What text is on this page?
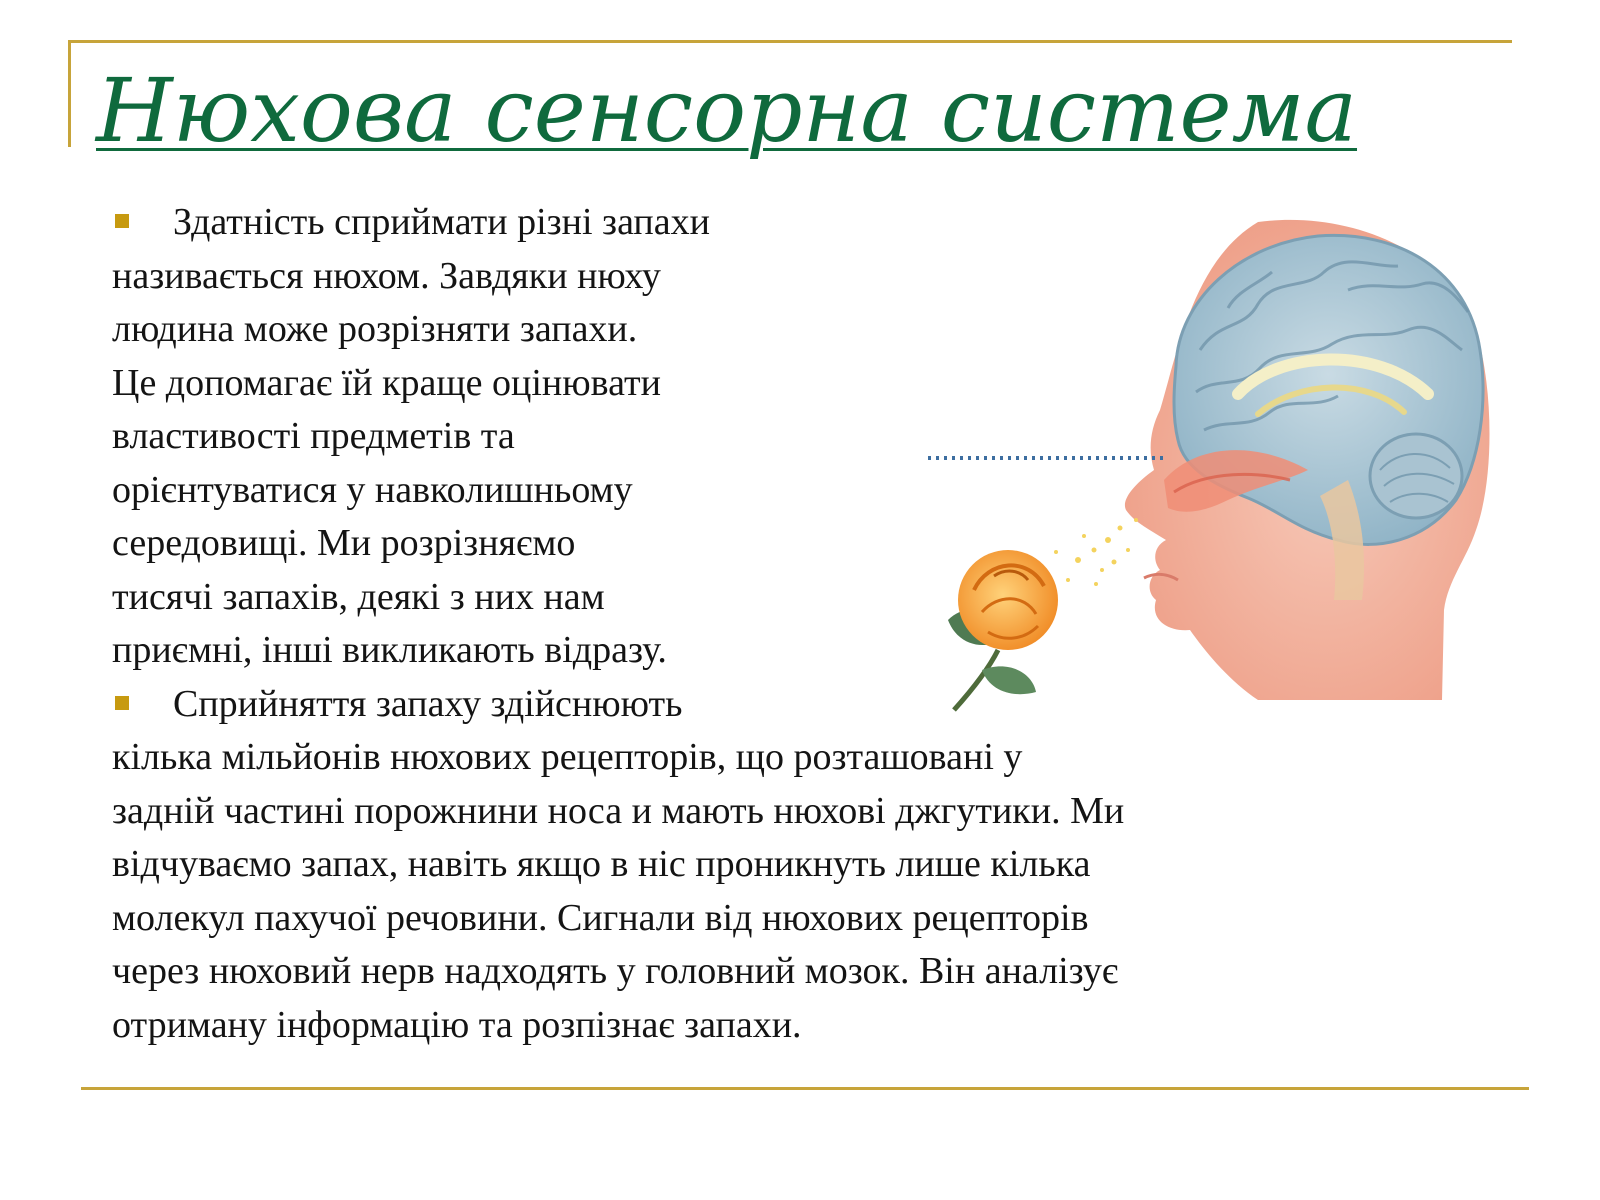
Нюхова сенсорна система
Здатність сприймати різні запахи
називається нюхом. Завдяки нюху
людина може розрізняти запахи.
Це допомагає їй краще оцінювати
властивості предметів та
орієнтуватися у навколишньому
середовищі. Ми розрізняємо
тисячі запахів, деякі з них нам
приємні, інші викликають відразу.
Сприйняття запаху здійснюють
кілька мільйонів нюхових рецепторів, що розташовані у
задній частині порожнини носа и мають нюхові джгутики. Ми
відчуваємо запах, навіть якщо в ніс проникнуть лише кілька
молекул пахучої речовини. Сигнали від нюхових рецепторів
через нюховий нерв надходять у головний мозок. Він аналізує
отриману інформацію та розпізнає запахи.
